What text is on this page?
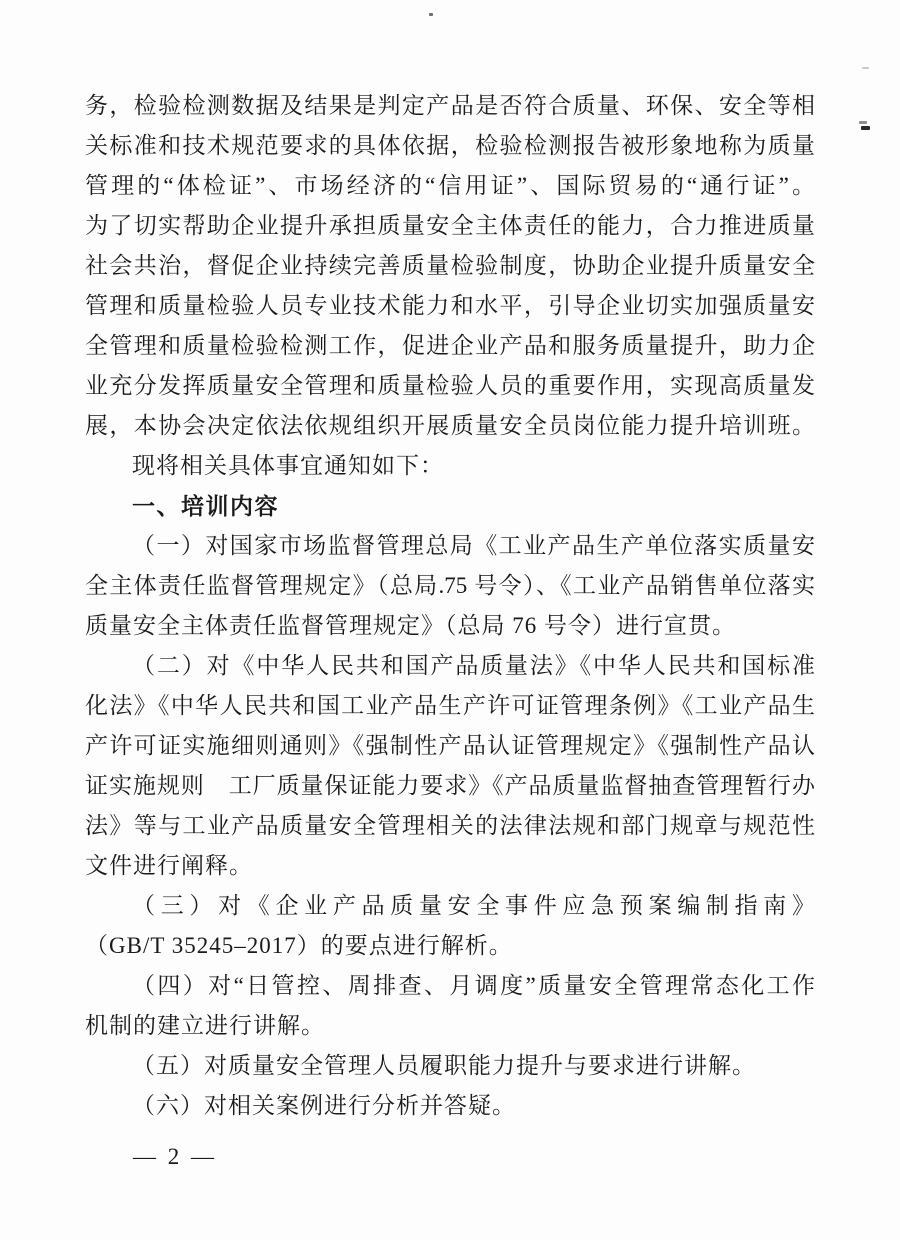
务，检验检测数据及结果是判定产品是否符合质量、环保、安全等相
关标准和技术规范要求的具体依据，检验检测报告被形象地称为质量
管理的“体检证”、市场经济的“信用证”、国际贸易的“通行证”。
为了切实帮助企业提升承担质量安全主体责任的能力，合力推进质量
社会共治，督促企业持续完善质量检验制度，协助企业提升质量安全
管理和质量检验人员专业技术能力和水平，引导企业切实加强质量安
全管理和质量检验检测工作，促进企业产品和服务质量提升，助力企
业充分发挥质量安全管理和质量检验人员的重要作用，实现高质量发
展，本协会决定依法依规组织开展质量安全员岗位能力提升培训班。
现将相关具体事宜通知如下：
一、培训内容
（一）对国家市场监督管理总局《工业产品生产单位落实质量安
全主体责任监督管理规定》（总局.75 号令）、《工业产品销售单位落实
质量安全主体责任监督管理规定》（总局 76 号令）进行宣贯。
（二）对《中华人民共和国产品质量法》《中华人民共和国标准
化法》《中华人民共和国工业产品生产许可证管理条例》《工业产品生
产许可证实施细则通则》《强制性产品认证管理规定》《强制性产品认
证实施规则　工厂质量保证能力要求》《产品质量监督抽查管理暂行办
法》等与工业产品质量安全管理相关的法律法规和部门规章与规范性
文件进行阐释。
（三）对《企业产品质量安全事件应急预案编制指南》
（GB/T 35245–2017）的要点进行解析。
（四）对“日管控、周排查、月调度”质量安全管理常态化工作
机制的建立进行讲解。
（五）对质量安全管理人员履职能力提升与要求进行讲解。
（六）对相关案例进行分析并答疑。
— 2 —
